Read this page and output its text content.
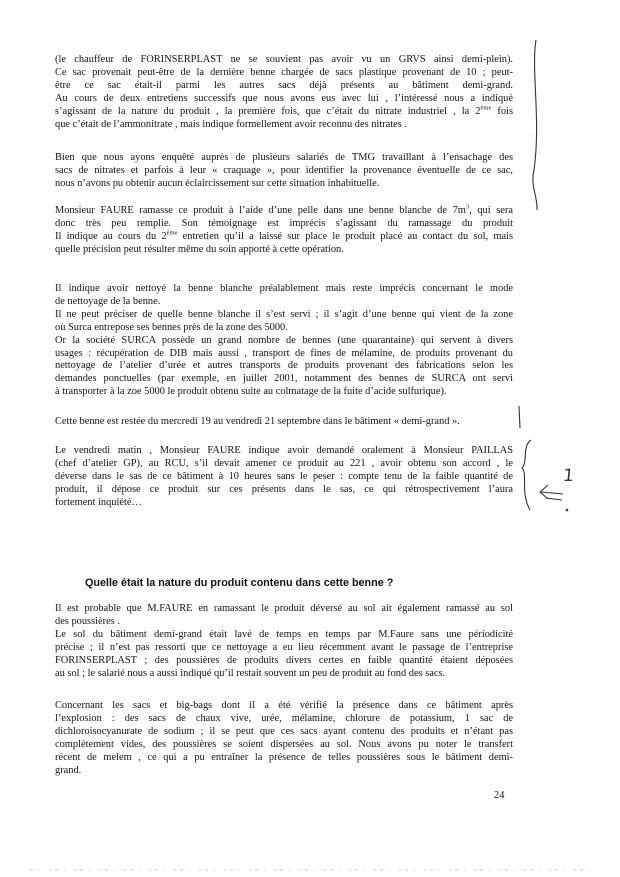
(le chauffeur de FORINSERPLAST ne se souvient pas avoir vu un GRVS ainsi demi-plein).
Ce sac provenait peut-être de la dernière benne chargée de sacs plastique provenant de 10 ; peut-
être ce sac était-il parmi les autres sacs déjà présents au bâtiment demi-grand.
Au cours de deux entretiens successifs que nous avons eus avec lui , l’intéressé nous a indiqué
s’agissant de la nature du produit , la première fois, que c’était du nitrate industriel , la 2ème fois
que c’était de l’ammonitrate , mais indique formellement avoir reconnu des nitrates .

Bien que nous ayons enquêté auprès de plusieurs salariés de TMG travaillant à l’ensachage des
sacs de nitrates et parfois à leur « craquage », pour identifier la provenance éventuelle de ce sac,
nous n’avons pu obtenir aucun éclaircissement sur cette situation inhabituelle.

Monsieur FAURE ramasse ce produit à l’aide d’une pelle dans une benne blanche de $7m^3$, qui sera
donc très peu remplie. Son témoignage est imprécis s’agissant du ramassage du produit
Il indique au cours du 2ème entretien qu’il a laissé sur place le produit placé au contact du sol, mais
quelle précision peut résulter même du soin apporté à cette opération.

Il indique avoir nettoyé la benne blanche préalablement mais reste imprécis concernant le mode
de nettoyage de la benne.
Il ne peut préciser de quelle benne blanche il s’est servi ; il s’agit d’une benne qui vient de la zone
où Surca entrepose ses bennes près de la zone des 5000.
Or la société SURCA possède un grand nombre de bennes (une quarantaine) qui servent à divers
usages : récupération de DIB mais aussi , transport de fines de mélamine, de produits provenant du
nettoyage de l’atelier d’urée et autres transports de produits provenant des fabrications selon les
demandes ponctuelles (par exemple, en juillet 2001, notamment des bennes de SURCA ont servi
à transporter à la zoe 5000 le produit obtenu suite au colmatage de la fuite d’acide sulfurique).

Cette benne est restée du mercredi 19 au vendredi 21 septembre dans le bâtiment « demi-grand ».

Le vendredi matin , Monsieur FAURE indique avoir demandé oralement à Monsieur PAILLAS
(chef d’atelier GP), au RCU, s’il devait amener ce produit au 221 , avoir obtenu son accord , le
déverse dans le sas de ce bâtiment à 10 heures sans le peser : compte tenu de la faible quantité de
produit, il dépose ce produit sur ces présents dans le sas, ce qui rétrospectivement l’aura
fortement inquiété…

Quelle était la nature du produit contenu dans cette benne ?

Il est probable que M.FAURE en ramassant le produit déversé au sol ait également ramassé au sol
des poussières .
Le sol du bâtiment demi-grand était lavé de temps en temps par M.Faure sans une périodicité
précise ; il n’est pas ressorti que ce nettoyage a eu lieu récemment avant le passage de l’entreprise
FORINSERPLAST ; des poussières de produits divers certes en faible quantité étaient déposées
au sol ; le salarié nous a aussi indiqué qu’il restait souvent un peu de produit au fond des sacs.

Concernant les sacs et big-bags dont il a été vérifié la présence dans ce bâtiment après
l’explosion : des sacs de chaux vive, urée, mélamine, chlorure de potassium, 1 sac de
dichloroisocyanurate de sodium ; il se peut que ces sacs ayant contenu des produits et n’étant pas
complètement vides, des poussières se soient dispersées au sol. Nous avons pu noter le transfert
récent de melem , ce qui a pu entraîner la présence de telles poussières sous le bâtiment demi-
grand.

24
1
